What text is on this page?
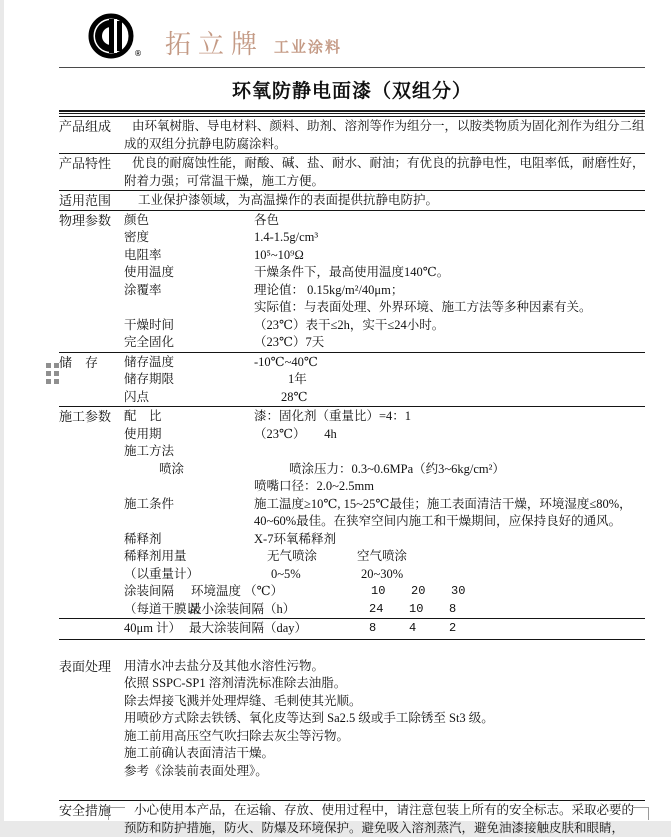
® 拓立牌 工业涂料
环氧防静电面漆（双组分）
产品组成	由环氧树脂、导电材料、颜料、助剂、溶剂等作为组分一，以胺类物质为固化剂作为组分二组成的双组分抗静电防腐涂料。
产品特性	优良的耐腐蚀性能，耐酸、碱、盐、耐水、耐油；有优良的抗静电性，电阻率低，耐磨性好，附着力强；可常温干燥，施工方便。
适用范围	工业保护漆领域，为高温操作的表面提供抗静电防护。
物理参数	颜色	各色
密度	1.4-1.5g/cm³
电阻率	10⁵~10⁹Ω
使用温度	干燥条件下，最高使用温度140℃。
涂覆率	理论值： 0.15kg/m²/40μm；
实际值：与表面处理、外界环境、施工方法等多种因素有关。
干燥时间	（23℃）表干≤2h，实干≤24小时。
完全固化	（23℃）7天
储　存	储存温度	-10℃~40℃
储存期限	1年
闪点	28℃
施工参数	配　比	漆：固化剂（重量比）=4：1
使用期	（23℃）　　4h
施工方法
喷涂	喷涂压力：0.3~0.6MPa（约3~6kg/cm²）
喷嘴口径：2.0~2.5mm
施工条件	施工温度≥10℃, 15~25℃最佳；施工表面清洁干燥，环境湿度≤80%，40~60%最佳。在狭窄空间内施工和干燥期间，应保持良好的通风。
稀释剂	X-7环氧稀释剂
稀释剂用量	无气喷涂	空气喷涂
（以重量计）	0~5%	20~30%
涂装间隔	环境温度 （℃）	10	20	30
（每道干膜以
最小涂装间隔（h）	24	10	8
40μm 计） 最大涂装间隔（day）	8	4	2
表面处理	用清水冲去盐分及其他水溶性污物。
依照 SSPC-SP1 溶剂清洗标准除去油脂。
除去焊接飞溅并处理焊缝、毛刺使其光顺。
用喷砂方式除去铁锈、氧化皮等达到 Sa2.5 级或手工除锈至 St3 级。
施工前用高压空气吹扫除去灰尘等污物。
施工前确认表面清洁干燥。
参考《涂装前表面处理》。
安全措施	小心使用本产品，在运输、存放、使用过程中，请注意包装上所有的安全标志。采取必要的预防和防护措施，防火、防爆及环境保护。避免吸入溶剂蒸汽，避免油漆接触皮肤和眼睛，
